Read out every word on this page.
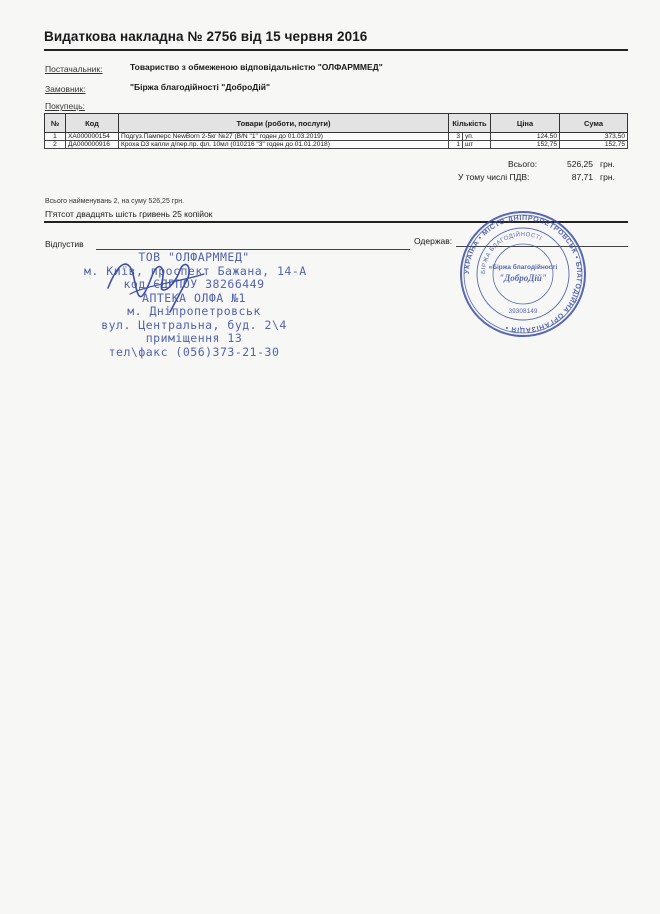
Видаткова накладна № 2756 від 15 червня 2016
Постачальник:	Товариство з обмеженою відповідальністю "ОЛФАРММЕД"
Замовник:	"Біржа благодійності "ДоброДій"
Покупець:
№	Код	Товари (роботи, послуги)	Кількість		Ціна	Сума
1	ХА000000154	Подгуз.Памперс NewBorn 2-5кг №27 (B/N "1" годен до 01.03.2019)	3	уп.	124,50	373,50
2	ДА000000916	Кроха D3 капли д/пер.пр. фл. 10мл (010216 "3" годен до 01.01.2018)	1	шт	152,75	152,75
Всього:	526,25 грн.
У тому числі ПДВ:	87,71 грн.
Всього найменувань 2, на суму 526,25 грн.
П'ятсот двадцять шість гривень 25 копійок
Відпустив	Одержав:
ТОВ "ОЛФАРММЕД"
м. Київ, проспект Бажана, 14-А
код ЄДРПОУ 38266449
АПТЕКА ОЛФА №1
м. Дніпропетровськ
вул. Центральна, буд. 2\4
приміщення 13
тел\факс (056)373-21-30
УКРАЇНА • МІСТО ДНІПРОПЕТРОВСЬК • БЛАГОДІЙНА ОРГАНІЗАЦІЯ •
БІРЖА БЛАГОДІЙНОСТІ
«Біржа благодійності
"ДоброДій"
39308149
